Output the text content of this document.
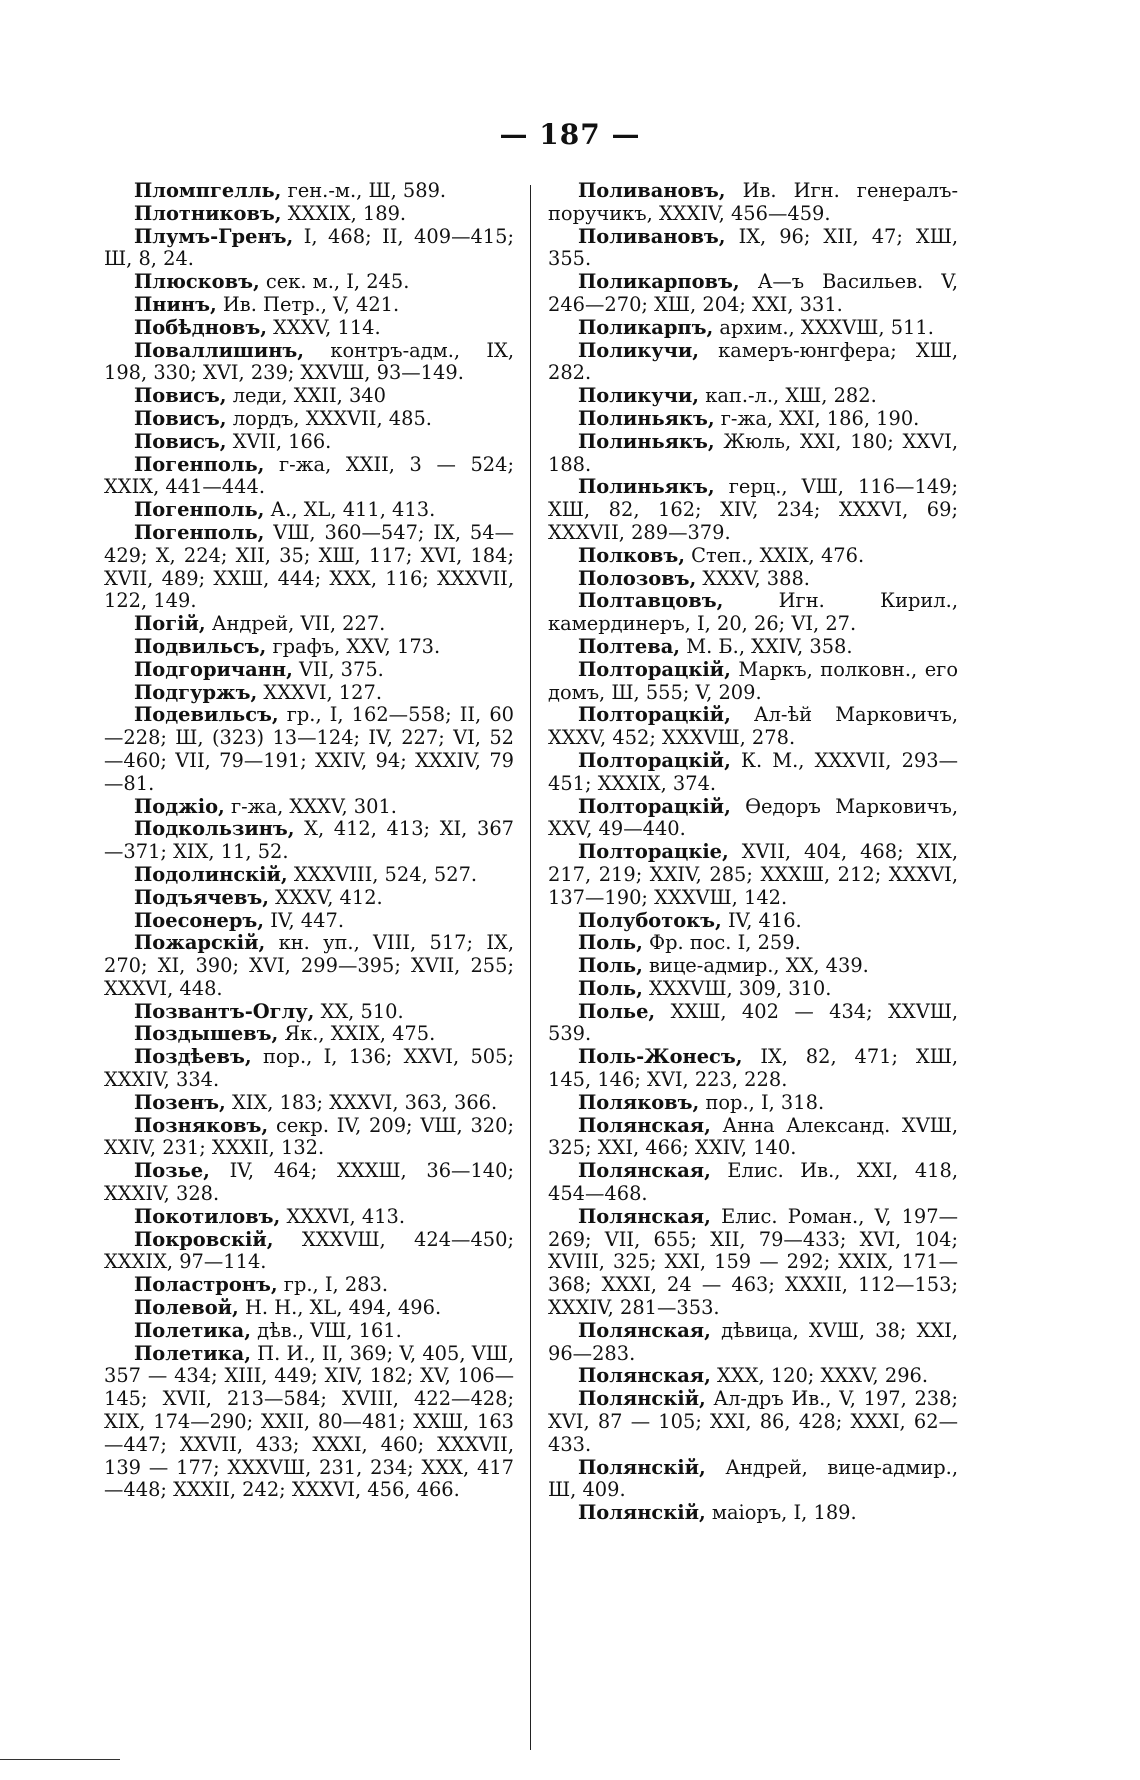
— 187 —

Пломпгелль, ген.-м., Ш, 589.

Плотниковъ, XXXIX, 189.

Плумъ-Гренъ, I, 468; II, 409—415; Ш, 8, 24.

Плюсковъ, сек. м., I, 245.

Пнинъ, Ив. Петр., V, 421.

Побѣдновъ, XXXV, 114.

Поваллишинъ, контръ-адм., IX, 198, 330; XVI, 239; XXVШ, 93—149.

Повисъ, леди, XXII, 340

Повисъ, лордъ, XXXVII, 485.

Повисъ, XVII, 166.

Погенполь, г-жа, XXII, 3 — 524; XXIX, 441—444.

Погенполь, А., XL, 411, 413.

Погенполь, VШ, 360—547; IX, 54—429; X, 224; XII, 35; XШ, 117; XVI, 184; XVII, 489; XXШ, 444; XXX, 116; XXXVII, 122, 149.

Погiй, Андрей, VII, 227.

Подвильсъ, графъ, XXV, 173.

Подгоричанн, VII, 375.

Подгуржъ, XXXVI, 127.

Подевильсъ, гр., I, 162—558; II, 60—228; Ш, (323) 13—124; IV, 227; VI, 52—460; VII, 79—191; XXIV, 94; XXXIV, 79—81.

Поджiо, г-жа, XXXV, 301.

Подкользинъ, X, 412, 413; XI, 367—371; XIX, 11, 52.

Подолинскiй, XXXVIII, 524, 527.

Подъячевъ, XXXV, 412.

Поесонеръ, IV, 447.

Пожарскiй, кн. уп., VIII, 517; IX, 270; XI, 390; XVI, 299—395; XVII, 255; XXXVI, 448.

Позвантъ-Оглу, XX, 510.

Поздышевъ, Як., XXIX, 475.

Поздѣевъ, пор., I, 136; XXVI, 505; XXXIV, 334.

Позенъ, XIX, 183; XXXVI, 363, 366.

Позняковъ, секр. IV, 209; VШ, 320; XXIV, 231; XXXII, 132.

Позье, IV, 464; XXXШ, 36—140; XXXIV, 328.

Покотиловъ, XXXVI, 413.

Покровскiй, XXXVШ, 424—450; XXXIX, 97—114.

Поластронъ, гр., I, 283.

Полевой, Н. Н., XL, 494, 496.

Полетика, дѣв., VШ, 161.

Полетика, П. И., II, 369; V, 405, VШ, 357 — 434; XIII, 449; XIV, 182; XV, 106—145; XVII, 213—584; XVIII, 422—428; XIX, 174—290; XXII, 80—481; XXШ, 163—447; XXVII, 433; XXXI, 460; XXXVII, 139 — 177; XXXVШ, 231, 234; XXX, 417—448; XXXII, 242; XXXVI, 456, 466.

Поливановъ, Ив. Игн. генералъ-поручикъ, XXXIV, 456—459.

Поливановъ, IX, 96; XII, 47; XШ, 355.

Поликарповъ, А—ъ Васильев. V, 246—270; XШ, 204; XXI, 331.

Поликарпъ, архим., XXXVШ, 511.

Поликучи, камеръ-юнгфера; XШ, 282.

Поликучи, кап.-л., XШ, 282.

Полиньякъ, г-жа, XXI, 186, 190.

Полиньякъ, Жюль, XXI, 180; XXVI, 188.

Полиньякъ, герц., VШ, 116—149; XШ, 82, 162; XIV, 234; XXXVI, 69; XXXVII, 289—379.

Полковъ, Степ., XXIX, 476.

Полозовъ, XXXV, 388.

Полтавцовъ, Игн. Кирил., камердинеръ, I, 20, 26; VI, 27.

Полтева, М. Б., XXIV, 358.

Полторацкiй, Маркъ, полковн., его домъ, Ш, 555; V, 209.

Полторацкiй, Ал-ѣй Марковичъ, XXXV, 452; XXXVШ, 278.

Полторацкiй, К. М., XXXVII, 293—451; XXXIX, 374.

Полторацкiй, Өедоръ Марковичъ, XXV, 49—440.

Полторацкiе, XVII, 404, 468; XIX, 217, 219; XXIV, 285; XXXШ, 212; XXXVI, 137—190; XXXVШ, 142.

Полуботокъ, IV, 416.

Поль, Фр. пос. I, 259.

Поль, вице-адмир., XX, 439.

Поль, XXXVШ, 309, 310.

Полье, XXШ, 402 — 434; XXVШ, 539.

Поль-Жонесъ, IX, 82, 471; XШ, 145, 146; XVI, 223, 228.

Поляковъ, пор., I, 318.

Полянская, Анна Александ. XVШ, 325; XXI, 466; XXIV, 140.

Полянская, Елис. Ив., XXI, 418, 454—468.

Полянская, Елис. Роман., V, 197—269; VII, 655; XII, 79—433; XVI, 104; XVIII, 325; XXI, 159 — 292; XXIX, 171—368; XXXI, 24 — 463; XXXII, 112—153; XXXIV, 281—353.

Полянская, дѣвица, XVШ, 38; XXI, 96—283.

Полянская, XXX, 120; XXXV, 296.

Полянскiй, Ал-дръ Ив., V, 197, 238; XVI, 87 — 105; XXI, 86, 428; XXXI, 62—433.

Полянскiй, Андрей, вице-адмир., Ш, 409.

Полянскiй, маiоръ, I, 189.
